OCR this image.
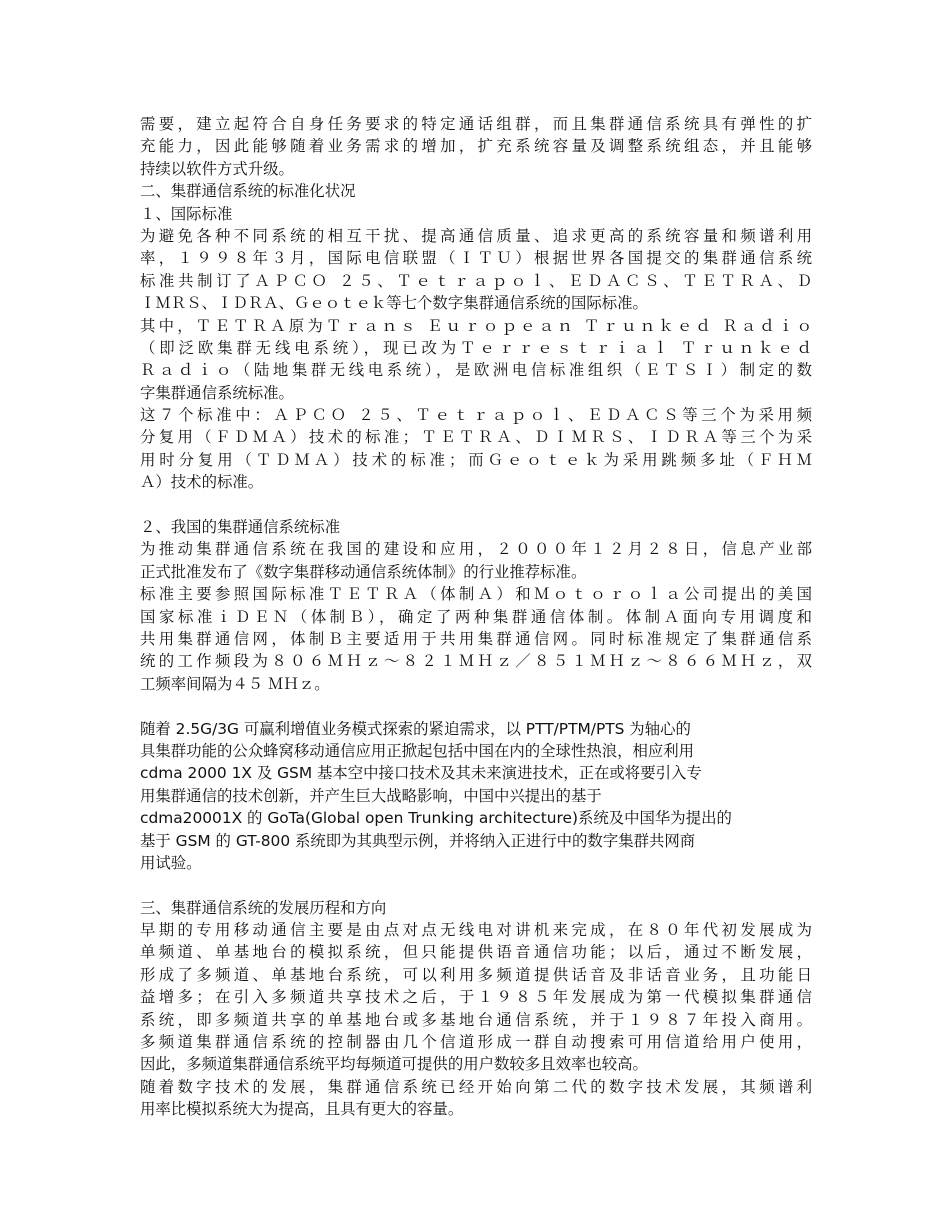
需要，建立起符合自身任务要求的特定通话组群，而且集群通信系统具有弹性的扩
充能力，因此能够随着业务需求的增加，扩充系统容量及调整系统组态，并且能够
持续以软件方式升级。
二、集群通信系统的标准化状况
１、国际标准
为避免各种不同系统的相互干扰、提高通信质量、追求更高的系统容量和频谱利用
率，１９９８年３月，国际电信联盟（ＩＴＵ）根据世界各国提交的集群通信系统
标准共制订了ＡＰＣＯ ２５、Ｔｅｔｒａｐｏｌ、ＥＤＡＣＳ、ＴＥＴＲＡ、Ｄ
ＩＭＲＳ、ＩＤＲＡ、Ｇｅｏｔｅｋ等七个数字集群通信系统的国际标准。
其中，ＴＥＴＲＡ原为Ｔｒａｎｓ Ｅｕｒｏｐｅａｎ Ｔｒｕｎｋｅｄ Ｒａｄｉｏ
（即泛欧集群无线电系统），现已改为Ｔｅｒｒｅｓｔｒｉａｌ Ｔｒｕｎｋｅｄ
Ｒａｄｉｏ（陆地集群无线电系统），是欧洲电信标准组织（ＥＴＳＩ）制定的数
字集群通信系统标准。
这７个标准中：ＡＰＣＯ ２５、Ｔｅｔｒａｐｏｌ、ＥＤＡＣＳ等三个为采用频
分复用（ＦＤＭＡ）技术的标准；ＴＥＴＲＡ、ＤＩＭＲＳ、ＩＤＲＡ等三个为采
用时分复用（ＴＤＭＡ）技术的标准；而Ｇｅｏｔｅｋ为采用跳频多址（ＦＨＭ
Ａ）技术的标准。
２、我国的集群通信系统标准
为推动集群通信系统在我国的建设和应用，２０００年１２月２８日，信息产业部
正式批准发布了《数字集群移动通信系统体制》的行业推荐标准。
标准主要参照国际标准ＴＥＴＲＡ（体制Ａ）和Ｍｏｔｏｒｏｌａ公司提出的美国
国家标准ｉＤＥＮ（体制Ｂ），确定了两种集群通信体制。体制Ａ面向专用调度和
共用集群通信网，体制Ｂ主要适用于共用集群通信网。同时标准规定了集群通信系
统的工作频段为８０６ＭＨｚ～８２１ＭＨｚ／８５１ＭＨｚ～８６６ＭＨｚ，双
工频率间隔为４５ ＭＨｚ。
随着 2.5G/3G 可赢利增值业务模式探索的紧迫需求，以 PTT/PTM/PTS 为轴心的
具集群功能的公众蜂窝移动通信应用正掀起包括中国在内的全球性热浪，相应利用
cdma 2000 1X 及 GSM 基本空中接口技术及其未来演进技术，正在或将要引入专
用集群通信的技术创新，并产生巨大战略影响，中国中兴提出的基于
cdma20001X 的 GoTa(Global open Trunking architecture)系统及中国华为提出的
基于 GSM 的 GT-800 系统即为其典型示例，并将纳入正进行中的数字集群共网商
用试验。
三、集群通信系统的发展历程和方向
早期的专用移动通信主要是由点对点无线电对讲机来完成，在８０年代初发展成为
单频道、单基地台的模拟系统，但只能提供语音通信功能；以后，通过不断发展，
形成了多频道、单基地台系统，可以利用多频道提供话音及非话音业务，且功能日
益增多；在引入多频道共享技术之后，于１９８５年发展成为第一代模拟集群通信
系统，即多频道共享的单基地台或多基地台通信系统，并于１９８７年投入商用。
多频道集群通信系统的控制器由几个信道形成一群自动搜索可用信道给用户使用，
因此，多频道集群通信系统平均每频道可提供的用户数较多且效率也较高。
随着数字技术的发展，集群通信系统已经开始向第二代的数字技术发展，其频谱利
用率比模拟系统大为提高，且具有更大的容量。
